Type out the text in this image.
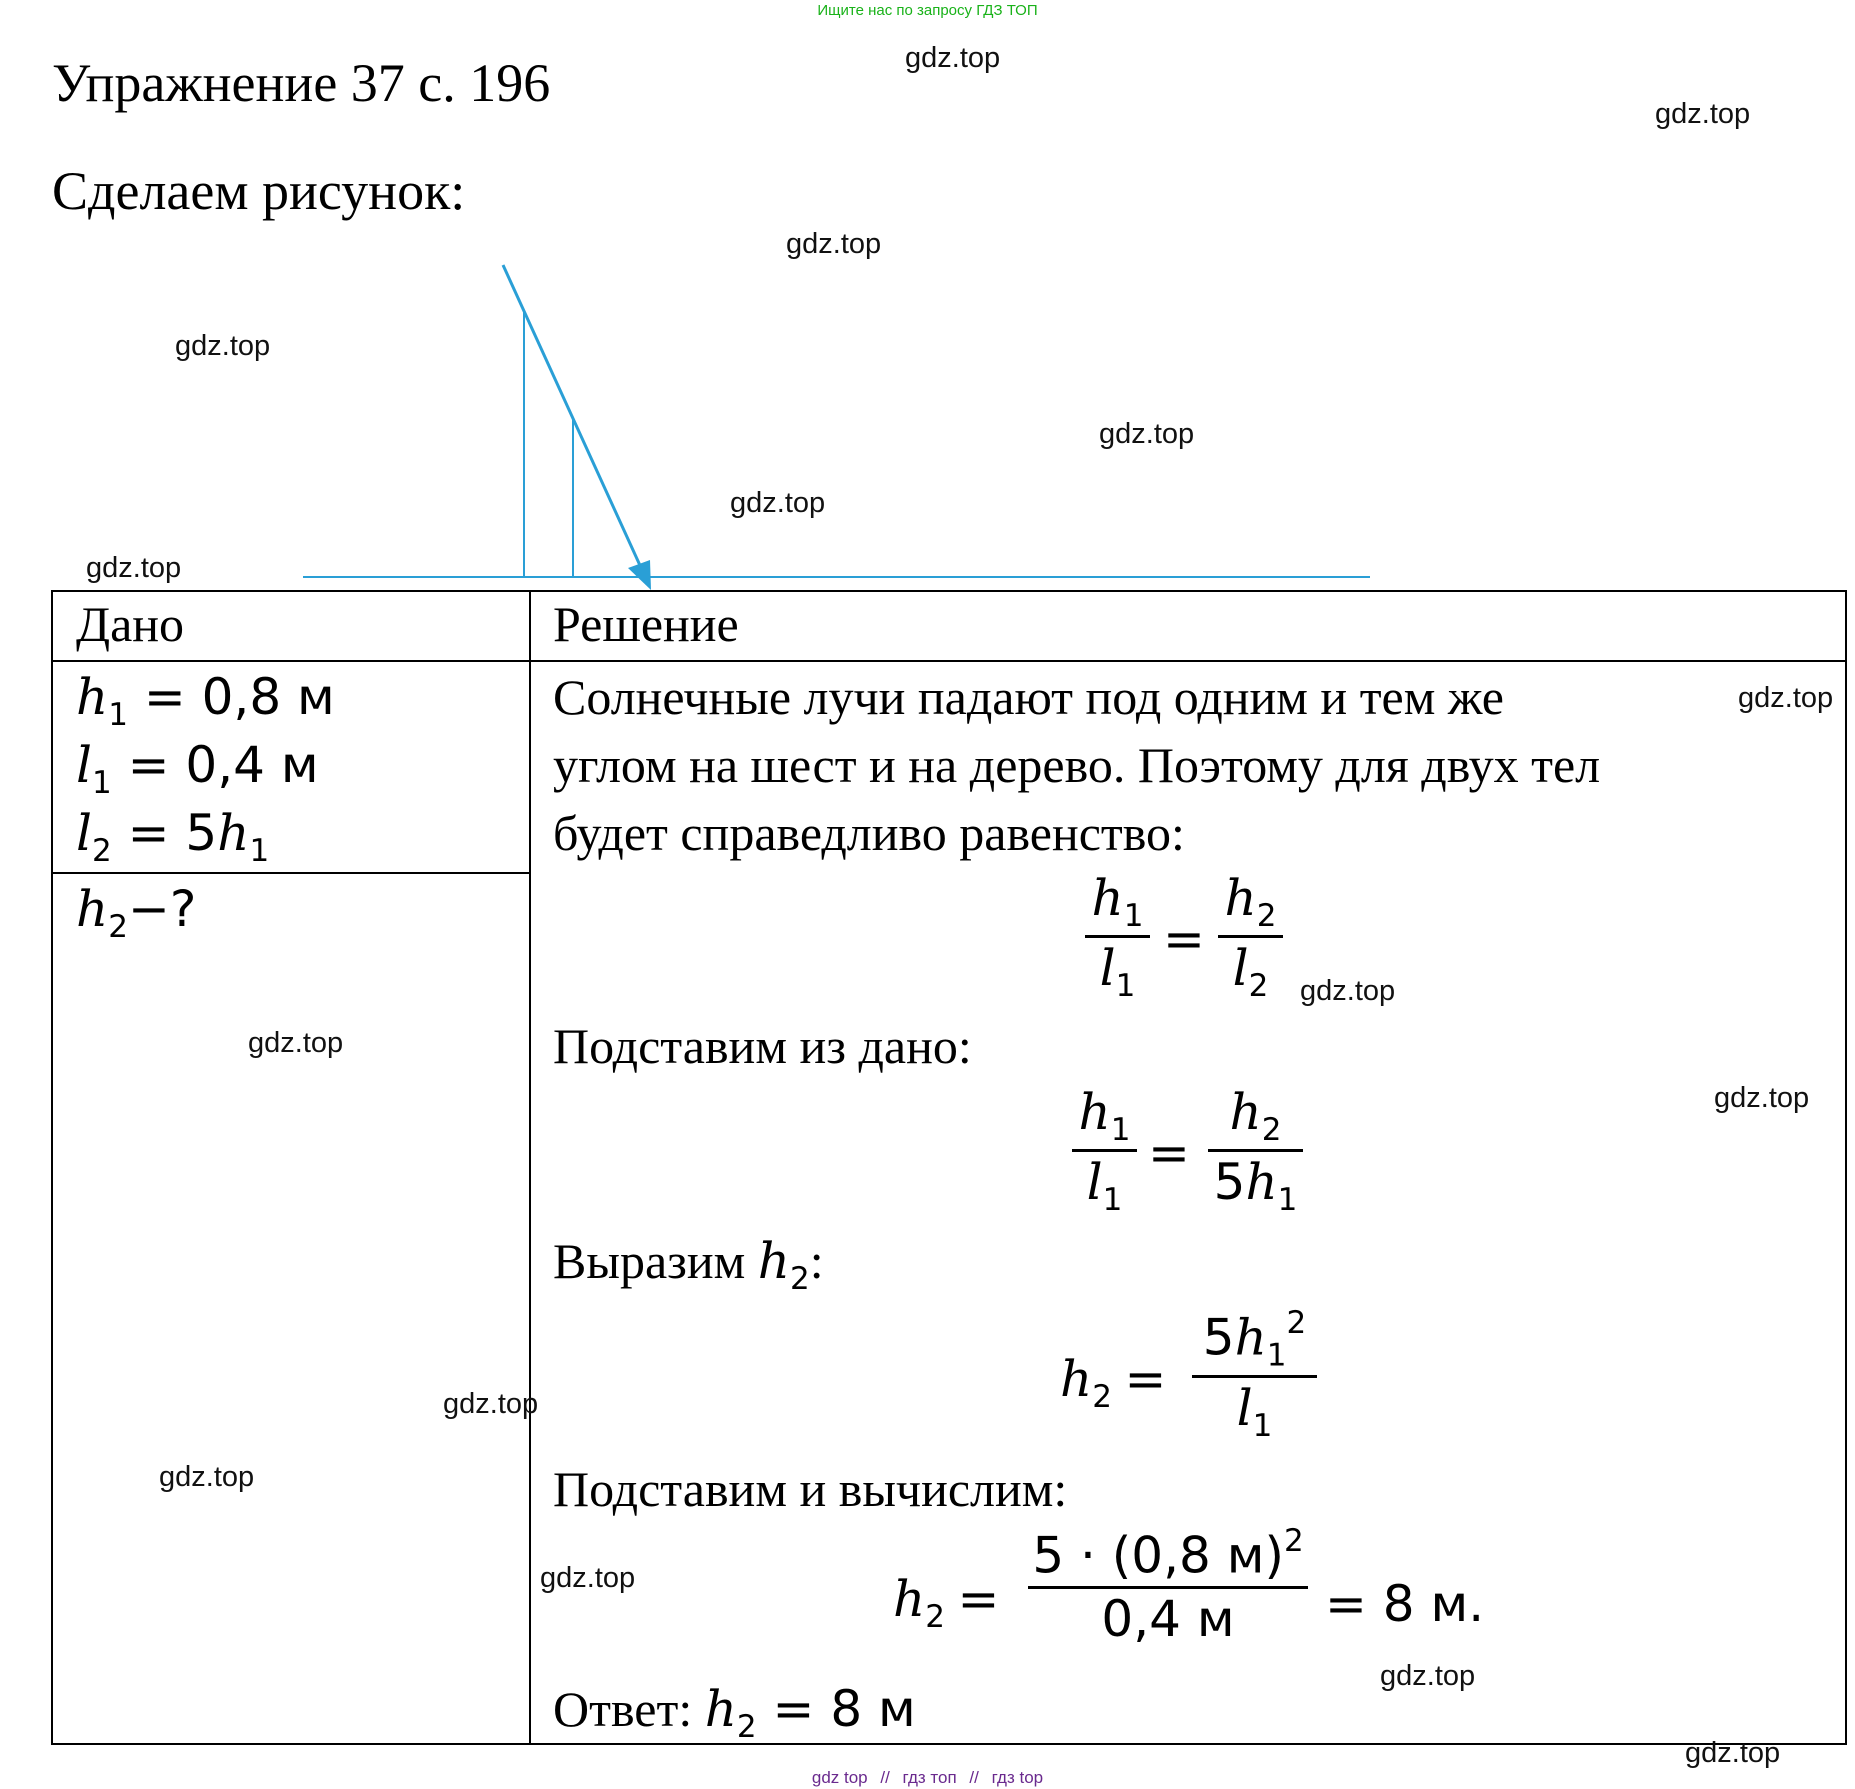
Ищите нас по запросу ГДЗ ТОП
Упражнение 37 с. 196
Сделаем рисунок:
Дано	Решение
$h_1 = 0,8$ м
$l_1 = 0,4$ м
$l_2 = 5h_1$
$h_2-$?
Солнечные лучи падают под одним и тем же
углом на шест и на дерево. Поэтому для двух тел
будет справедливо равенство:
$h_1$
$l_1$
=
$h_2$
$l_2$
Подставим из дано:
$h_1$
$l_1$
=
$h_2$
$5h_1$
Выразим $h_2$:
$h_2$ =
$5h_1^2$
$l_1$
Подставим и вычислим:
$h_2$ =
5 · (0,8 м)$^2$
0,4 м	= 8 м.
Ответ: $h_2 = 8$ м
gdz.top
gdz.top
gdz.top
gdz.top
gdz.top
gdz.top
gdz.top
gdz.top
gdz.top
gdz.top
gdz.top
gdz.top
gdz.top
gdz.top
gdz.top
gdz.top
gdz top // гдз топ // гдз top
